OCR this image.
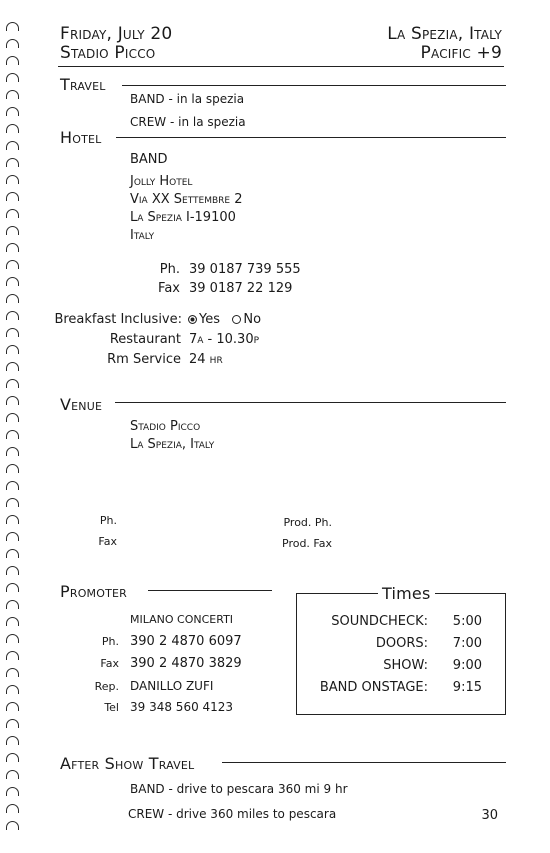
Friday, July 20
Stadio Picco
La Spezia, Italy
Pacific +9
Travel
BAND - in la spezia
CREW - in la spezia
Hotel
BAND
Jolly Hotel
Via XX Settembre 2
La Spezia I-19100
Italy
Ph. 39 0187 739 555
Fax 39 0187 22 129
Breakfast Inclusive:	Yes No
Restaurant 7a - 10.30p
Rm Service 24 hr
Venue
Stadio Picco
La Spezia, Italy
Ph.
Fax
Prod. Ph.
Prod. Fax
Promoter
MILANO CONCERTI
Ph. 390 2 4870 6097
Fax 390 2 4870 3829
Rep. DANILLO ZUFI
Tel 39 348 560 4123
Times
SOUNDCHECK: 5:00
DOORS: 7:00
SHOW: 9:00
BAND ONSTAGE: 9:15
After Show Travel
BAND - drive to pescara 360 mi 9 hr
CREW - drive 360 miles to pescara	30
